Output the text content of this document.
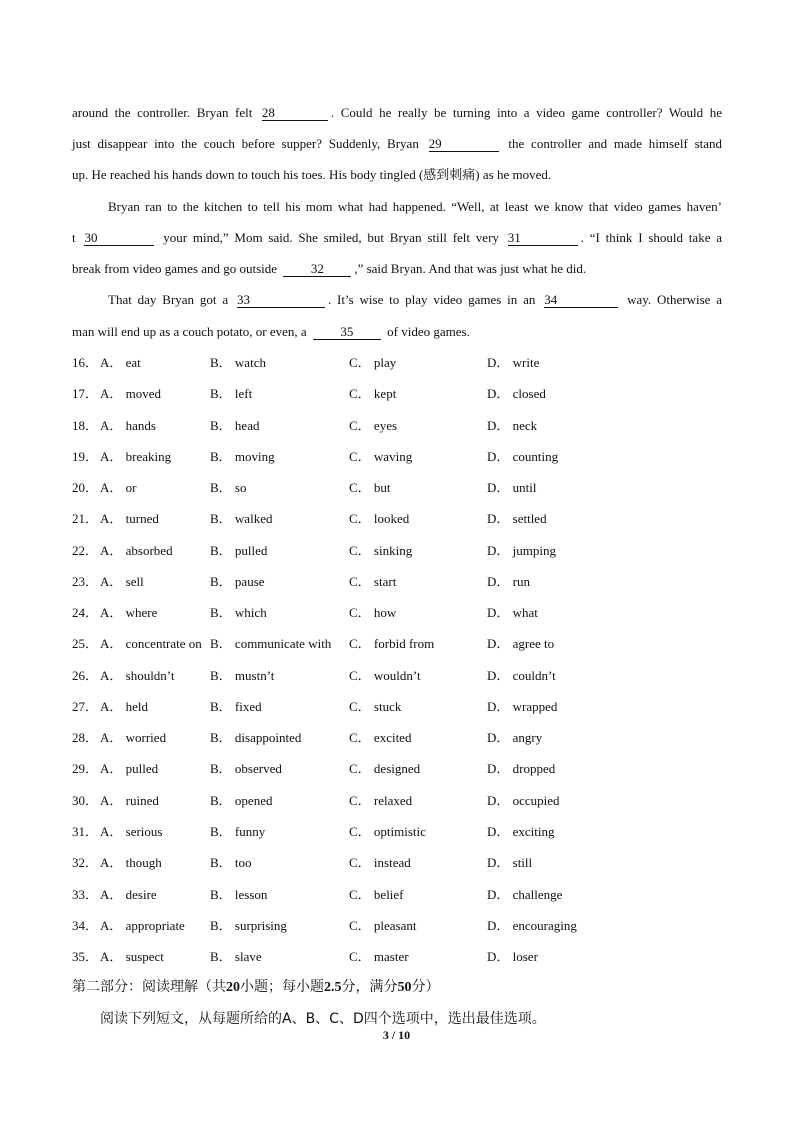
around the controller. Bryan felt 28	. Could he really be turning into a video game controller? Would he
just disappear into the couch before supper? Suddenly, Bryan 29	the controller and made himself stand
up. He reached his hands down to touch his toes. His body tingled (感到刺痛) as he moved.
Bryan ran to the kitchen to tell his mom what had happened. “Well, at least we know that video games haven’
t 30	your mind,” Mom said. She smiled, but Bryan still felt very 31	. “I think I should take a
break from video games and go outside	32 ,” said Bryan. And that was just what he did.
That day Bryan got a 33	. It’s wise to play video games in an 34	way. Otherwise a
man will end up as a couch potato, or even, a	35	of video games.
16． A． eat	B． watch	C． play	D． write
17． A． moved	B． left	C． kept	D． closed
18． A． hands	B． head	C． eyes	D． neck
19． A． breaking	B． moving	C． waving	D． counting
20． A． or	B． so	C． but	D． until
21． A． turned	B． walked	C． looked	D． settled
22． A． absorbed	B． pulled	C． sinking	D． jumping
23． A． sell	B． pause	C． start	D． run
24． A． where	B． which	C． how	D． what
25． A． concentrate on B． communicate with C． forbid from	D． agree to
26． A． shouldn’t	B． mustn’t	C． wouldn’t	D． couldn’t
27． A． held	B． fixed	C． stuck	D． wrapped
28． A． worried	B． disappointed	C． excited	D． angry
29． A． pulled	B． observed	C． designed	D． dropped
30． A． ruined	B． opened	C． relaxed	D． occupied
31． A． serious	B． funny	C． optimistic	D． exciting
32． A． though	B． too	C． instead	D． still
33． A． desire	B． lesson	C． belief	D． challenge
34． A． appropriate B． surprising	C． pleasant	D． encouraging
35． A． suspect	B． slave	C． master	D． loser
第二部分：阅读理解（共20小题；每小题2.5分，满分50分）
阅读下列短文，从每题所给的A、B、C、D四个选项中，选出最佳选项。
3 / 10
